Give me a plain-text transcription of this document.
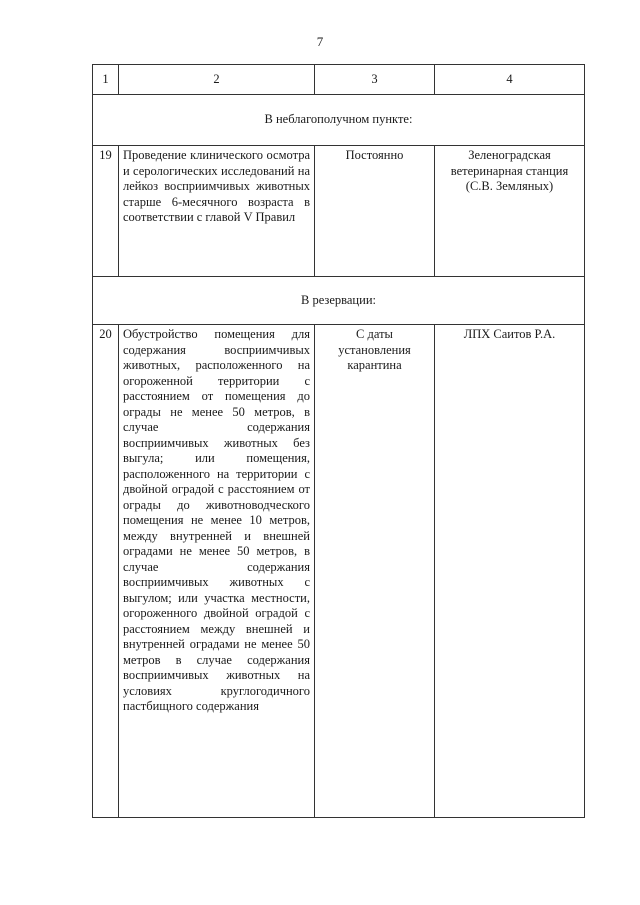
7
1	2	3	4
В неблагополучном пункте:			
19	Проведение клинического осмотра и серологических исследований на лейкоз восприимчивых животных старше 6-месячного возраста в соответствии с главой V Правил	Постоянно	Зеленоградская ветеринарная станция (С.В. Земляных)
В резервации:			
20	Обустройство помещения для содержания восприимчивых животных, расположенного на огороженной территории с расстоянием от помещения до ограды не менее 50 метров, в случае содержания восприимчивых животных без выгула; или помещения, расположенного на территории с двойной оградой с расстоянием от ограды до животноводческого помещения не менее 10 метров, между внутренней и внешней оградами не менее 50 метров, в случае содержания восприимчивых животных с выгулом; или участка местности, огороженного двойной оградой с расстоянием между внешней и внутренней оградами не менее 50 метров в случае содержания восприимчивых животных на условиях круглогодичного пастбищного содержания	С даты установления карантина	ЛПХ Саитов Р.А.
